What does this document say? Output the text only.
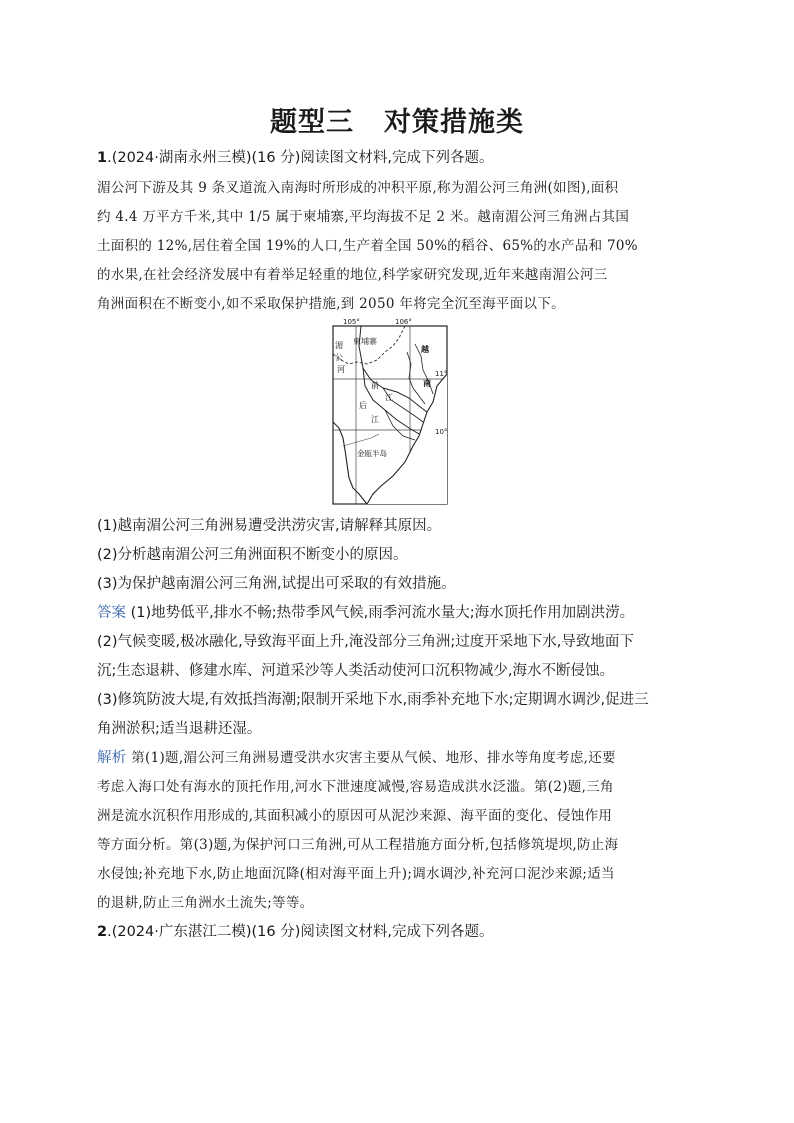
题型三 对策措施类
1.(2024·湖南永州三模)(16 分)阅读图文材料,完成下列各题。
湄公河下游及其 9 条叉道流入南海时所形成的冲积平原,称为湄公河三角洲(如图),面积
约 4.4 万平方千米,其中 1/5 属于柬埔寨,平均海拔不足 2 米。越南湄公河三角洲占其国
土面积的 12%,居住着全国 19%的人口,生产着全国 50%的稻谷、65%的水产品和 70%
的水果,在社会经济发展中有着举足轻重的地位,科学家研究发现,近年来越南湄公河三
角洲面积在不断变小,如不采取保护措施,到 2050 年将完全沉至海平面以下。
105°	106°
11°
10°
柬埔寨
越
南
湄
公
河
前
江
后
江
金瓯半岛
(1)越南湄公河三角洲易遭受洪涝灾害,请解释其原因。
(2)分析越南湄公河三角洲面积不断变小的原因。
(3)为保护越南湄公河三角洲,试提出可采取的有效措施。
答案 (1)地势低平,排水不畅;热带季风气候,雨季河流水量大;海水顶托作用加剧洪涝。
(2)气候变暖,极冰融化,导致海平面上升,淹没部分三角洲;过度开采地下水,导致地面下
沉;生态退耕、修建水库、河道采沙等人类活动使河口沉积物减少,海水不断侵蚀。
(3)修筑防波大堤,有效抵挡海潮;限制开采地下水,雨季补充地下水;定期调水调沙,促进三
角洲淤积;适当退耕还湿。
解析 第(1)题,湄公河三角洲易遭受洪水灾害主要从气候、地形、排水等角度考虑,还要
考虑入海口处有海水的顶托作用,河水下泄速度减慢,容易造成洪水泛滥。第(2)题,三角
洲是流水沉积作用形成的,其面积减小的原因可从泥沙来源、海平面的变化、侵蚀作用
等方面分析。第(3)题,为保护河口三角洲,可从工程措施方面分析,包括修筑堤坝,防止海
水侵蚀;补充地下水,防止地面沉降(相对海平面上升);调水调沙,补充河口泥沙来源;适当
的退耕,防止三角洲水土流失;等等。
2.(2024·广东湛江二模)(16 分)阅读图文材料,完成下列各题。
